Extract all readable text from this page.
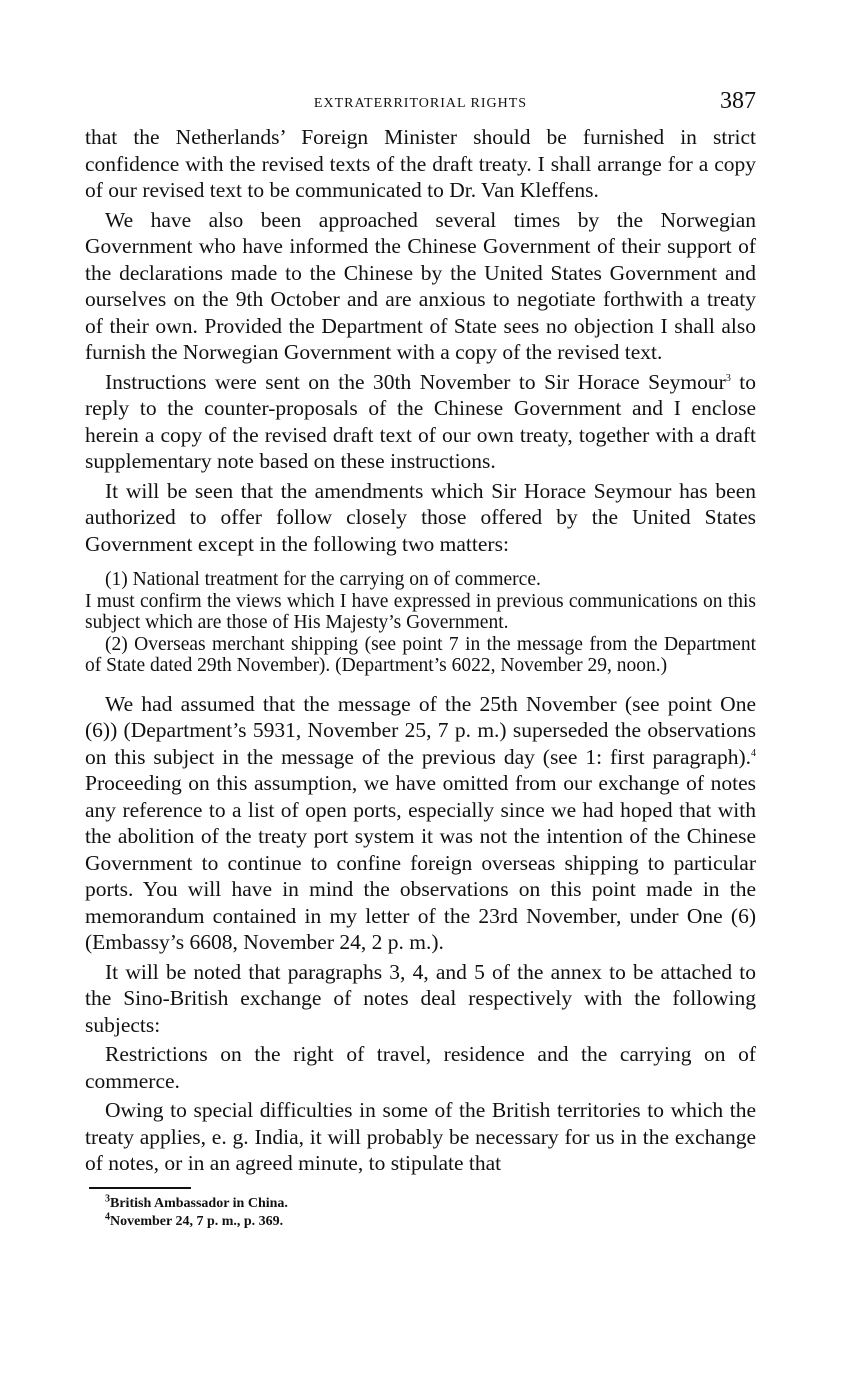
EXTRATERRITORIAL RIGHTS	387

that the Netherlands’ Foreign Minister should be furnished in strict confidence with the revised texts of the draft treaty. I shall arrange for a copy of our revised text to be communicated to Dr. Van Kleffens.

We have also been approached several times by the Norwegian Government who have informed the Chinese Government of their support of the declarations made to the Chinese by the United States Government and ourselves on the 9th October and are anxious to negotiate forthwith a treaty of their own. Provided the Department of State sees no objection I shall also furnish the Norwegian Government with a copy of the revised text.

Instructions were sent on the 30th November to Sir Horace Seymour$^3$ to reply to the counter-proposals of the Chinese Government and I enclose herein a copy of the revised draft text of our own treaty, together with a draft supplementary note based on these instructions.

It will be seen that the amendments which Sir Horace Seymour has been authorized to offer follow closely those offered by the United States Government except in the following two matters:

(1) National treatment for the carrying on of commerce.

I must confirm the views which I have expressed in previous communications on this subject which are those of His Majesty’s Government.

(2) Overseas merchant shipping (see point 7 in the message from the Department of State dated 29th November). (Department’s 6022, November 29, noon.)

We had assumed that the message of the 25th November (see point One (6)) (Department’s 5931, November 25, 7 p. m.) superseded the observations on this subject in the message of the previous day (see 1: first paragraph).$^4$ Proceeding on this assumption, we have omitted from our exchange of notes any reference to a list of open ports, especially since we had hoped that with the abolition of the treaty port system it was not the intention of the Chinese Government to continue to confine foreign overseas shipping to particular ports. You will have in mind the observations on this point made in the memorandum contained in my letter of the 23rd November, under One (6) (Embassy’s 6608, November 24, 2 p. m.).

It will be noted that paragraphs 3, 4, and 5 of the annex to be attached to the Sino-British exchange of notes deal respectively with the following subjects:

Restrictions on the right of travel, residence and the carrying on of commerce.

Owing to special difficulties in some of the British territories to which the treaty applies, e. g. India, it will probably be necessary for us in the exchange of notes, or in an agreed minute, to stipulate that

$^3$British Ambassador in China.

$^4$November 24, 7 p. m., p. 369.
